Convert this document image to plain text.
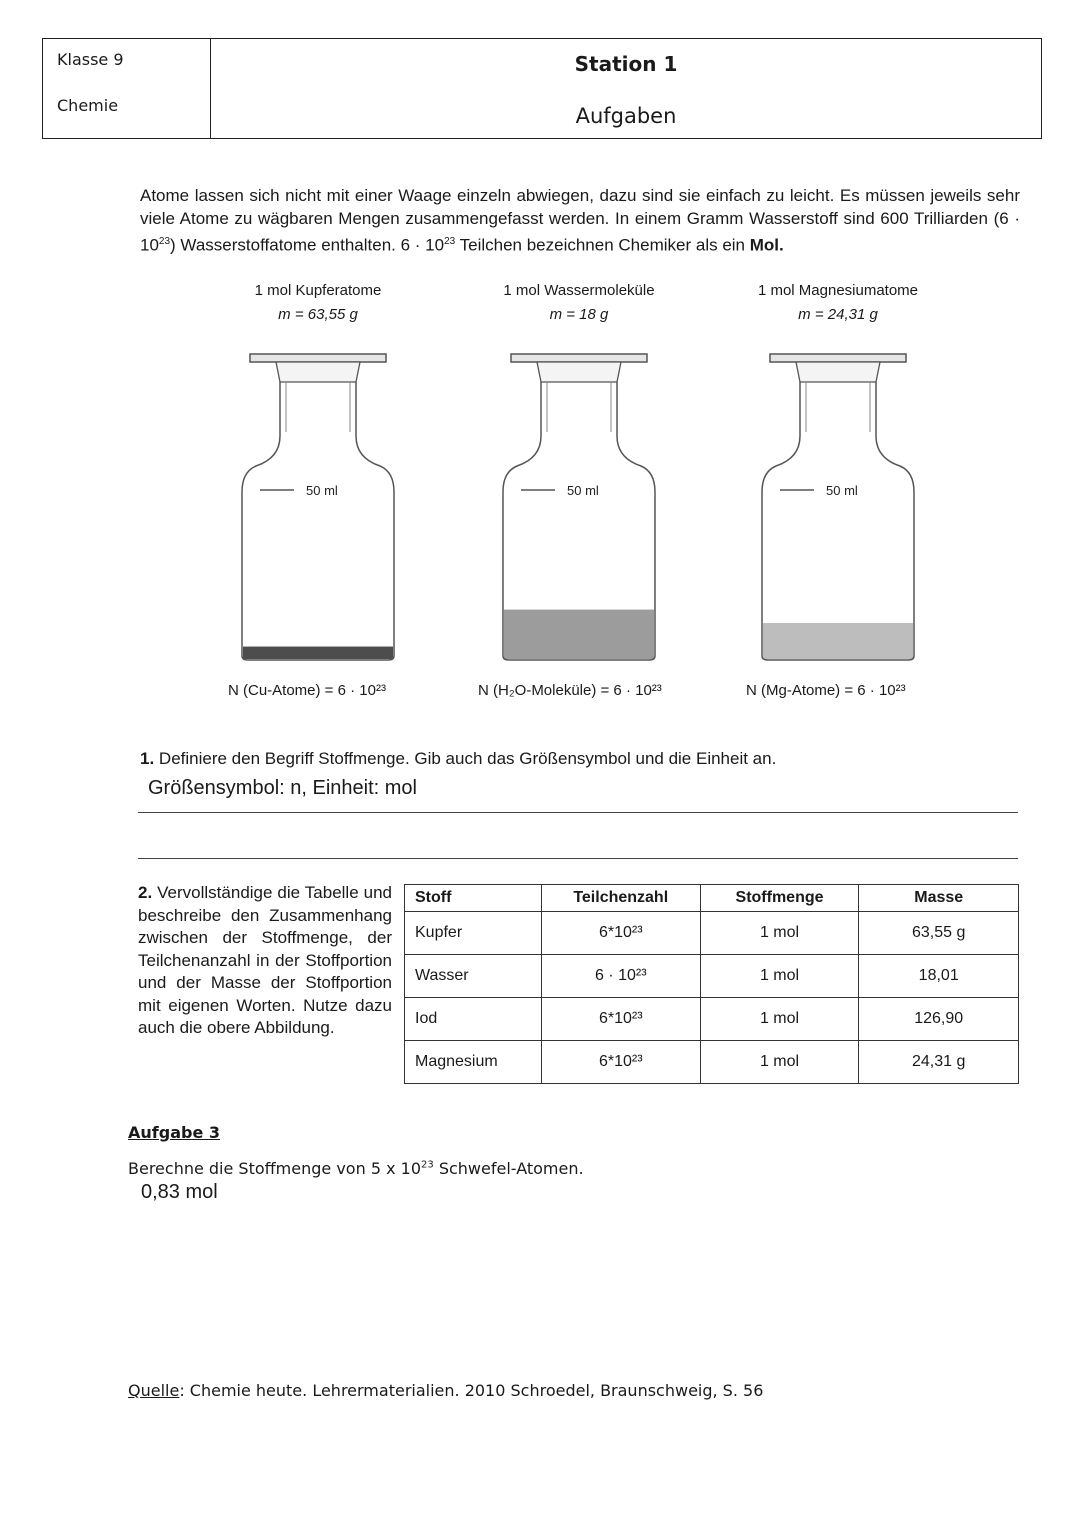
Klasse 9
Chemie
Station 1
Aufgaben
Atome lassen sich nicht mit einer Waage einzeln abwiegen, dazu sind sie einfach zu leicht. Es müssen jeweils sehr viele Atome zu wägbaren Mengen zusammengefasst werden. In einem Gramm Wasserstoff sind 600 Trilliarden $(6 \cdot 10^{23})$ Wasserstoffatome enthalten. $6 \cdot 10^{23}$ Teilchen bezeichnen Chemiker als ein Mol.
1 mol Kupferatome
m = 63,55 g
50 ml
1 mol Wassermoleküle
m = 18 g
50 ml
1 mol Magnesiumatome
m = 24,31 g
50 ml
N (Cu-Atome) = 6 · 10²³	N (H₂O-Moleküle) = 6 · 10²³	N (Mg-Atome) = 6 · 10²³
1. Definiere den Begriff Stoffmenge. Gib auch das Größensymbol und die Einheit an.
Größensymbol: n, Einheit: mol
2. Vervollständige die Tabelle und beschreibe den Zusammenhang zwischen der Stoffmenge, der Teilchenanzahl in der Stoffportion und der Masse der Stoffportion mit eigenen Worten. Nutze dazu auch die obere Abbildung.
Stoff	Teilchenzahl	Stoffmenge	Masse
Kupfer	6*10²³	1 mol	63,55 g
Wasser	6 · 10²³	1 mol	18,01
Iod	6*10²³	1 mol	126,90
Magnesium	6*10²³	1 mol	24,31 g
Aufgabe 3
Berechne die Stoffmenge von 5 x $10^{23}$ Schwefel-Atomen.
0,83 mol
Quelle: Chemie heute. Lehrermaterialien. 2010 Schroedel, Braunschweig, S. 56
